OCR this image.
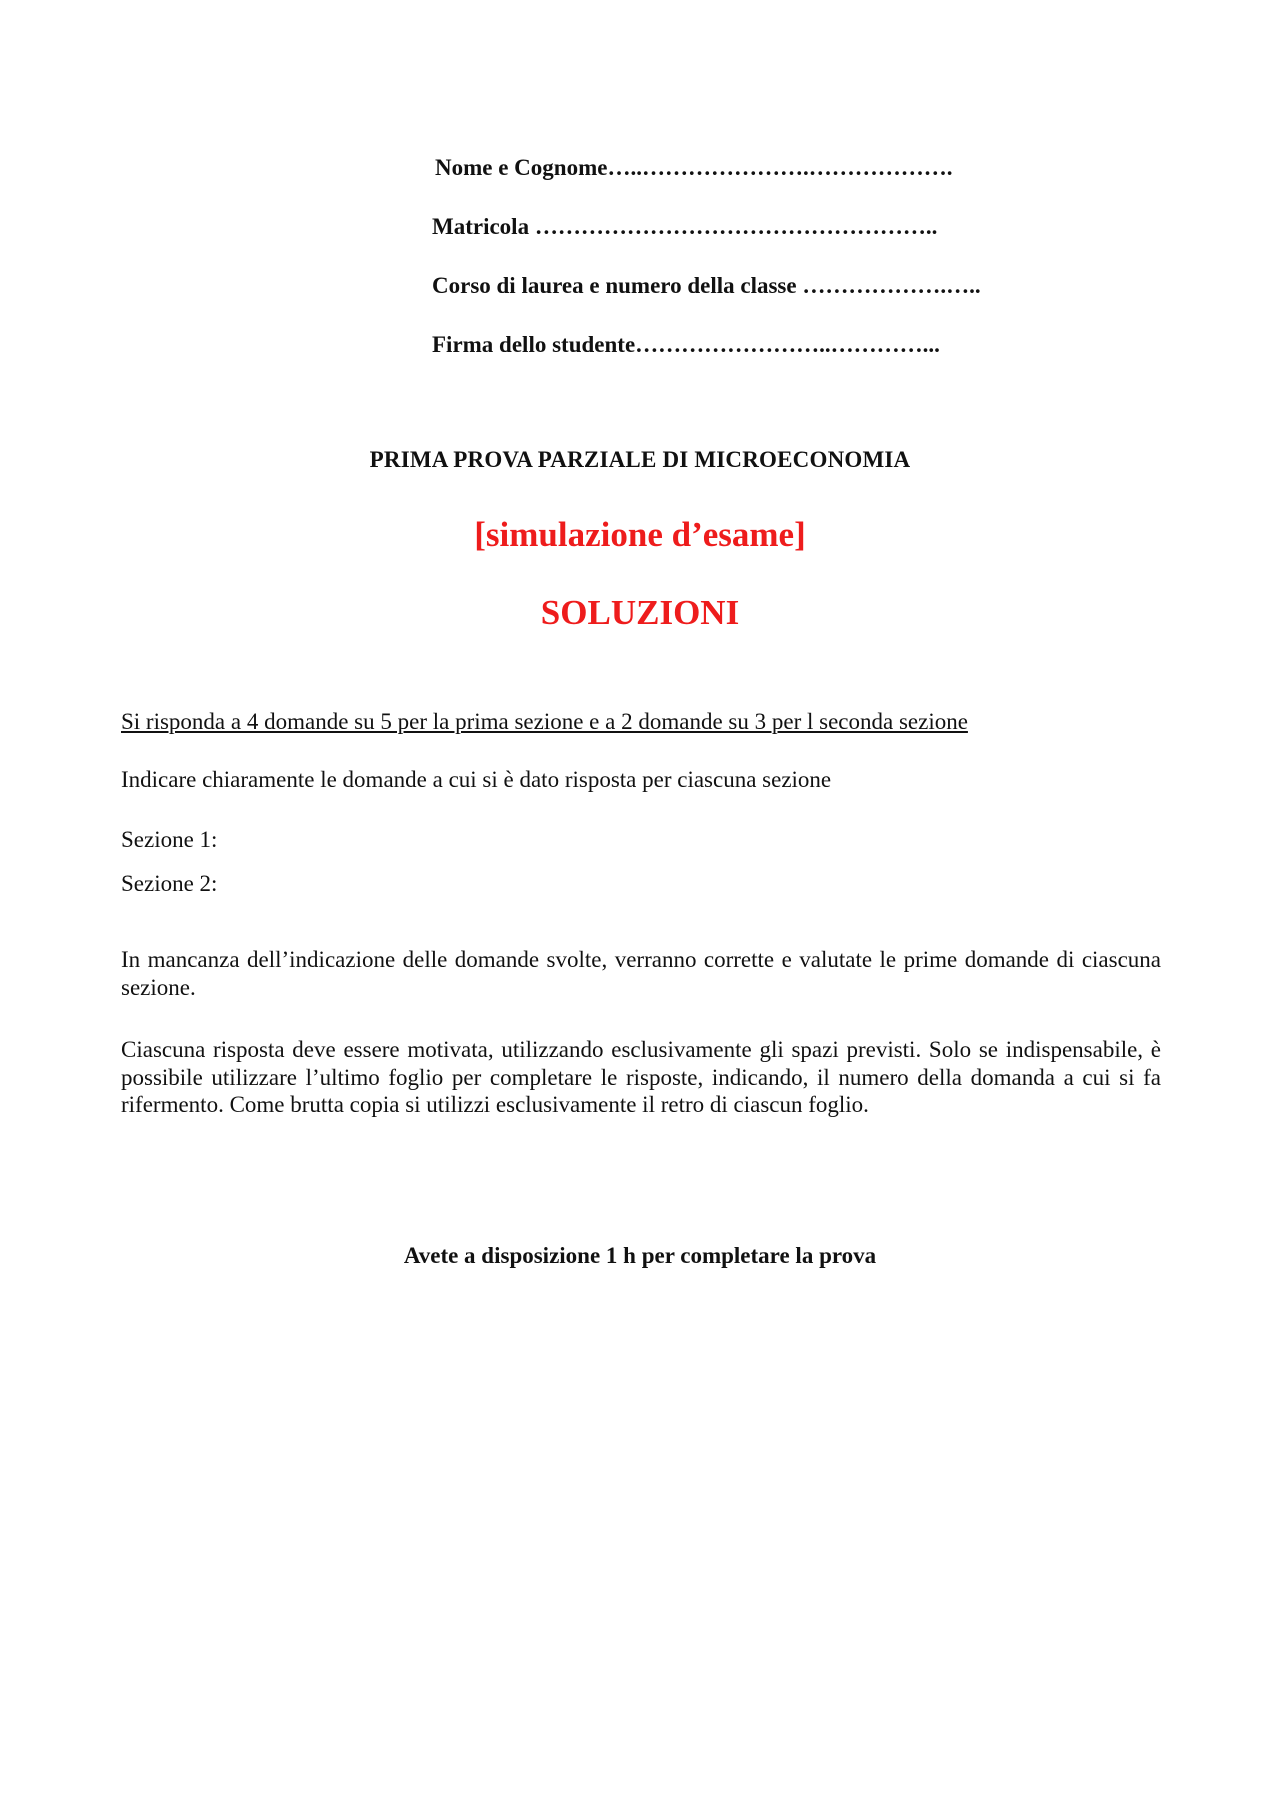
Nome e Cognome…..………………….……………….
Matricola ……………………………………………..
Corso di laurea e numero della classe ……………….…..
Firma dello studente……………………..…………...
PRIMA PROVA PARZIALE DI MICROECONOMIA
[simulazione d’esame]
SOLUZIONI
Si risponda a 4 domande su 5 per la prima sezione e a 2 domande su 3 per l seconda sezione
Indicare chiaramente le domande a cui si è dato risposta per ciascuna sezione
Sezione 1:
Sezione 2:
In mancanza dell’indicazione delle domande svolte, verranno corrette e valutate le prime domande di ciascuna sezione.
Ciascuna risposta deve essere motivata, utilizzando esclusivamente gli spazi previsti. Solo se indispensabile, è possibile utilizzare l’ultimo foglio per completare le risposte, indicando, il numero della domanda a cui si fa rifermento. Come brutta copia si utilizzi esclusivamente il retro di ciascun foglio.
Avete a disposizione 1 h per completare la prova
